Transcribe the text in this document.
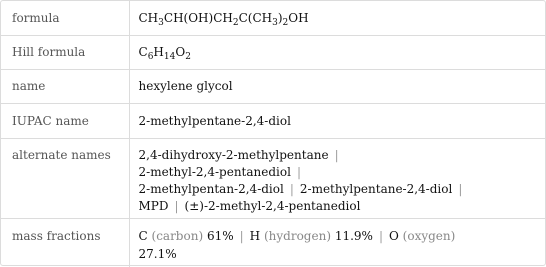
formula	$CH_3CH(OH)CH_2C(CH_3)_2OH$
Hill formula	$C_6H_{14}O_2$
name	hexylene glycol
IUPAC name	2-methylpentane-2,4-diol
alternate names	2,4-dihydroxy-2-methylpentane |
2-methyl-2,4-pentanediol |
2-methylpentan-2,4-diol | 2-methylpentane-2,4-diol |
MPD | (±)-2-methyl-2,4-pentanediol
mass fractions	C (carbon) 61% | H (hydrogen) 11.9% | O (oxygen)
27.1%
